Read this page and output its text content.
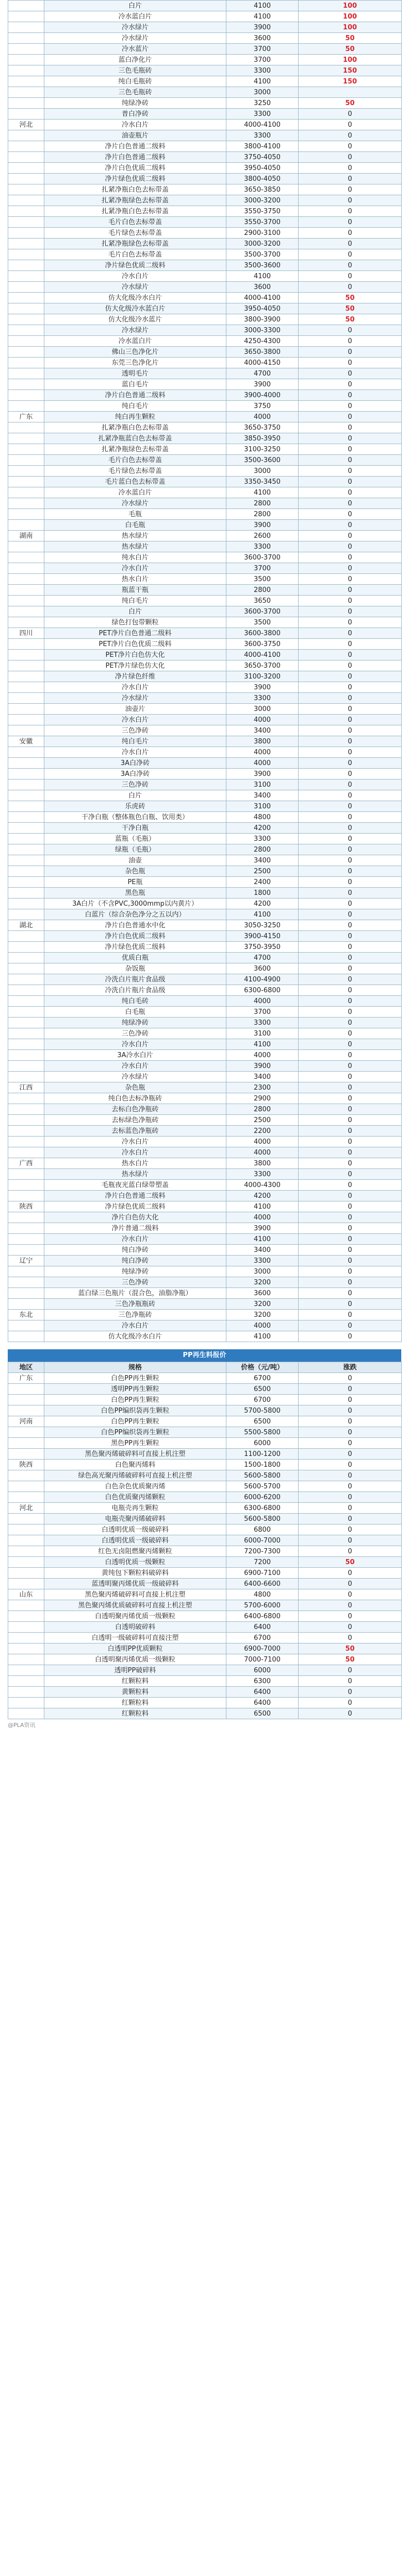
	白片	4100	100
	冷水蓝白片	4100	100
	冷水绿片	3900	100
	冷水绿片	3600	50
	冷水蓝片	3700	50
	蓝白净化片	3700	100
	三色毛瓶砖	3300	150
	纯白毛瓶砖	4100	150
	三色毛瓶砖	3000	
	纯绿净砖	3250	50
	普白净砖	3300	0
河北	冷水白片	4000-4100	0
	油壶瓶片	3300	0
	净片白色普通二级料	3800-4100	0
	净片白色普通二级料	3750-4050	0
	净片白色优质二级料	3950-4050	0
	净片绿色优质二级料	3800-4050	0
	扎紧净瓶白色去标带盖	3650-3850	0
	扎紧净瓶绿色去标带盖	3000-3200	0
	扎紧净瓶白色去标带盖	3550-3750	0
	毛片白色去标带盖	3550-3700	0
	毛片绿色去标带盖	2900-3100	0
	扎紧净瓶绿色去标带盖	3000-3200	0
	毛片白色去标带盖	3500-3700	0
	净片绿色优质二级料	3500-3600	0
	冷水白片	4100	0
	冷水绿片	3600	0
	仿大化级冷水白片	4000-4100	50
	仿大化级冷水蓝白片	3950-4050	50
	仿大化级冷水蓝片	3800-3900	50
	冷水绿片	3000-3300	0
	冷水蓝白片	4250-4300	0
	佛山三色净化片	3650-3800	0
	东莞三色净化片	4000-4150	0
	透明毛片	4700	0
	蓝白毛片	3900	0
	净片白色普通二级料	3900-4000	0
	纯白毛片	3750	0
广东	纯白再生颗粒	4000	0
	扎紧净瓶白色去标带盖	3650-3750	0
	扎紧净瓶蓝白色去标带盖	3850-3950	0
	扎紧净瓶绿色去标带盖	3100-3250	0
	毛片白色去标带盖	3500-3600	0
	毛片绿色去标带盖	3000	0
	毛片蓝白色去标带盖	3350-3450	0
	冷水蓝白片	4100	0
	冷水绿片	2800	0
	毛瓶	2800	0
	白毛瓶	3900	0
湖南	热水绿片	2600	0
	热水绿片	3300	0
	纯水白片	3600-3700	0
	冷水白片	3700	0
	热水白片	3500	0
	瓶蓝干瓶	2800	0
	纯白毛片	3650	0
	白片	3600-3700	0
	绿色打包带颗粒	3500	0
四川	PET净片白色普通二级料	3600-3800	0
	PET净片白色优质二级料	3600-3750	0
	PET净片白色仿大化	4000-4100	0
	PET净片绿色仿大化	3650-3700	0
	净片绿色纤维	3100-3200	0
	冷水白片	3900	0
	冷水绿片	3300	0
	油壶片	3000	0
	冷水白片	4000	0
	三色净砖	3400	0
安徽	纯白毛片	3800	0
	冷水白片	4000	0
	3A白净砖	4000	0
	3A白净砖	3900	0
	三色净砖	3100	0
	白片	3400	0
	乐虎砖	3100	0
	干净白瓶（整体瓶色白瓶、饮用类）	4800	0
	干净白瓶	4200	0
	蓝瓶（毛瓶）	3300	0
	绿瓶（毛瓶）	2800	0
	油壶	3400	0
	杂色瓶	2500	0
	PE瓶	2400	0
	黑色瓶	1800	0
	3A白片（不含PVC,3000mmp以内黄片）	4200	0
	白蓝片（综合杂色净分之五以内）	4100	0
湖北	净片白色普通水中化	3050-3250	0
	净片白色优质二级料	3900-4150	0
	净片绿色优质二级料	3750-3950	0
	优质白瓶	4700	0
	杂饭瓶	3600	0
	冷洗白片瓶片食品级	4100-4900	0
	冷洗白片瓶片食品级	6300-6800	0
	纯白毛砖	4000	0
	白毛瓶	3700	0
	纯绿净砖	3300	0
	三色净砖	3100	0
	冷水白片	4100	0
	3A冷水白片	4000	0
	冷水白片	3900	0
	冷水绿片	3400	0
江西	杂色瓶	2300	0
	纯白色去标净瓶砖	2900	0
	去标白色净瓶砖	2800	0
	去标绿色净瓶砖	2500	0
	去标蓝色净瓶砖	2200	0
	冷水白片	4000	0
	冷水白片	4000	0
广西	热水白片	3800	0
	热水绿片	3300	0
	毛瓶夜光蓝白绿带塑盖	4000-4300	0
	净片白色普通二级料	4200	0
陕西	净片绿色优质二级料	4100	0
	净片白色仿大化	4000	0
	净片普通二级料	3900	0
	冷水白片	4100	0
	纯白净砖	3400	0
辽宁	纯白净砖	3300	0
	纯绿净砖	3000	0
	三色净砖	3200	0
	蓝白绿三色瓶片（混合色，油脂净瓶）	3600	0
	三色净瓶瓶砖	3200	0
东北	三色净瓶砖	3200	0
	冷水白片	4000	0
	仿大化级冷水白片	4100	0
PP再生料报价
地区	规格	价格（元/吨）	涨跌
广东	白色PP再生颗粒	6700	0
	透明PP再生颗粒	6500	0
	白色PP再生颗粒	6700	0
	白色PP编织袋再生颗粒	5700-5800	0
河南	白色PP再生颗粒	6500	0
	白色PP编织袋再生颗粒	5500-5800	0
	黑色PP再生颗粒	6000	0
	黑色聚丙烯破碎料可直接上机注塑	1100-1200	0
陕西	白色聚丙烯料	1500-1800	0
	绿色高光聚丙烯破碎料可直接上机注塑	5600-5800	0
	白色杂色优质聚丙烯	5600-5700	0
	白色优质聚丙烯颗粒	6000-6200	0
河北	电瓶壳再生颗粒	6300-6800	0
	电瓶壳聚丙烯破碎料	5600-5800	0
	白透明优质一级破碎料	6800	0
	白透明优质一级破碎料	6000-7000	0
	红色无卤阻燃聚丙烯颗粒	7200-7300	0
	白透明优质一级颗粒	7200	50
	黄纯包下颗粒料破碎料	6900-7100	0
	蓝透明聚丙烯优质一级破碎料	6400-6600	0
山东	黑色聚丙烯破碎料可直接上机注塑	4800	0
	黑色聚丙烯优质破碎料可直接上机注塑	5700-6000	0
	白透明聚丙烯优质一级颗粒	6400-6800	0
	白透明破碎料	6400	0
	白透明一级破碎料可直接注塑	6700	0
	白透明PP优质颗粒	6900-7000	50
	白透明聚丙烯优质一级颗粒	7000-7100	50
	透明PP破碎料	6000	0
	红颗粒料	6300	0
	黄颗粒料	6400	0
	红颗粒料	6400	0
	红颗粒料	6500	0
@PLA资讯
